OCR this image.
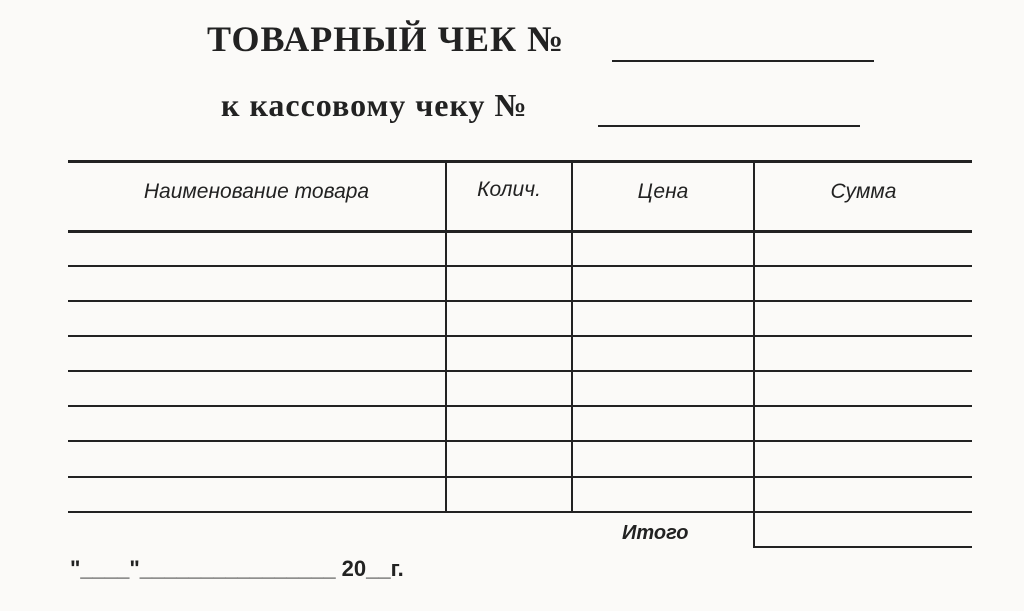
ТОВАРНЫЙ ЧЕК №
к кассовому чеку №
Наименование товара	Колич.	Цена	Сумма
Итого
"____"________________ 20__г.
